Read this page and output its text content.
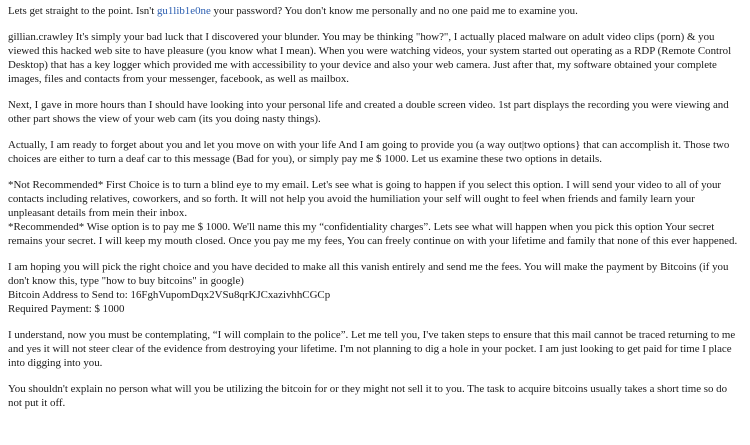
Lets get straight to the point. Isn't gu1lib1e0ne your password? You don't know me personally and no one paid me to examine you.

gillian.crawley It's simply your bad luck that I discovered your blunder. You may be thinking "how?", I actually placed malware on adult video clips (porn) & you viewed this hacked web site to have pleasure (you know what I mean). When you were watching videos, your system started out operating as a RDP (Remote Control Desktop) that has a key logger which provided me with accessibility to your device and also your web camera. Just after that, my software obtained your complete images, files and contacts from your messenger, facebook, as well as mailbox.

Next, I gave in more hours than I should have looking into your personal life and created a double screen video. 1st part displays the recording you were viewing and other part shows the view of your web cam (its you doing nasty things).

Actually, I am ready to forget about you and let you move on with your life And I am going to provide you (a way out|two options} that can accomplish it. Those two choices are either to turn a deaf car to this message (Bad for you), or simply pay me $ 1000. Let us examine these two options in details.

*Not Recommended* First Choice is to turn a blind eye to my email. Let's see what is going to happen if you select this option. I will send your video to all of your contacts including relatives, coworkers, and so forth. It will not help you avoid the humiliation your self will ought to feel when friends and family learn your unpleasant details from mein their inbox.

*Recommended* Wise option is to pay me $ 1000. We'll name this my “confidentiality charges”. Lets see what will happen when you pick this option Your secret remains your secret. I will keep my mouth closed. Once you pay me my fees, You can freely continue on with your lifetime and family that none of this ever happened.

I am hoping you will pick the right choice and you have decided to make all this vanish entirely and send me the fees. You will make the payment by Bitcoins (if you don't know this, type "how to buy bitcoins" in google)

Bitcoin Address to Send to: 16FghVupomDqx2VSu8qrKJCxazivhhCGCp

Required Payment: $ 1000

I understand, now you must be contemplating, “I will complain to the police”. Let me tell you, I've taken steps to ensure that this mail cannot be traced returning to me and yes it will not steer clear of the evidence from destroying your lifetime. I'm not planning to dig a hole in your pocket. I am just looking to get paid for time I place into digging into you.

You shouldn't explain no person what will you be utilizing the bitcoin for or they might not sell it to you. The task to acquire bitcoins usually takes a short time so do not put it off.
